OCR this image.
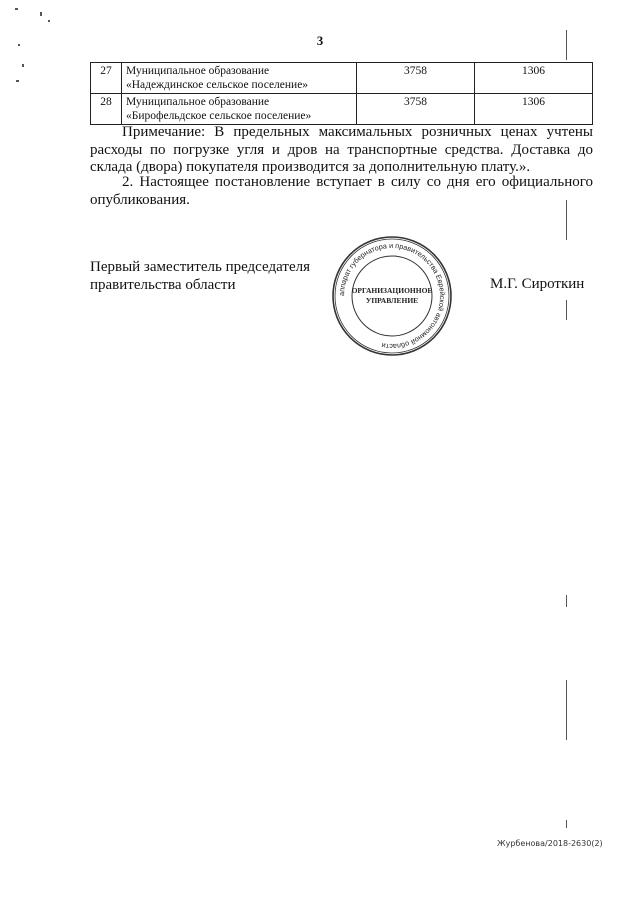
3
27	Муниципальное образование
«Надеждинское сельское поселение»	3758	1306
28	Муниципальное образование
«Бирофельдское сельское поселение»	3758	1306

Примечание: В предельных максимальных розничных ценах учтены расходы по погрузке угля и дров на транспортные средства. Доставка до склада (двора) покупателя производится за дополнительную плату.».

2. Настоящее постановление вступает в силу со дня его официального опубликования.

Первый заместитель председателя
правительства области
аппарат губернатора и правительства Еврейской автономной области
ОРГАНИЗАЦИОННОЕ
УПРАВЛЕНИЕ
М.Г. Сироткин
Журбенова/2018-2630(2)
